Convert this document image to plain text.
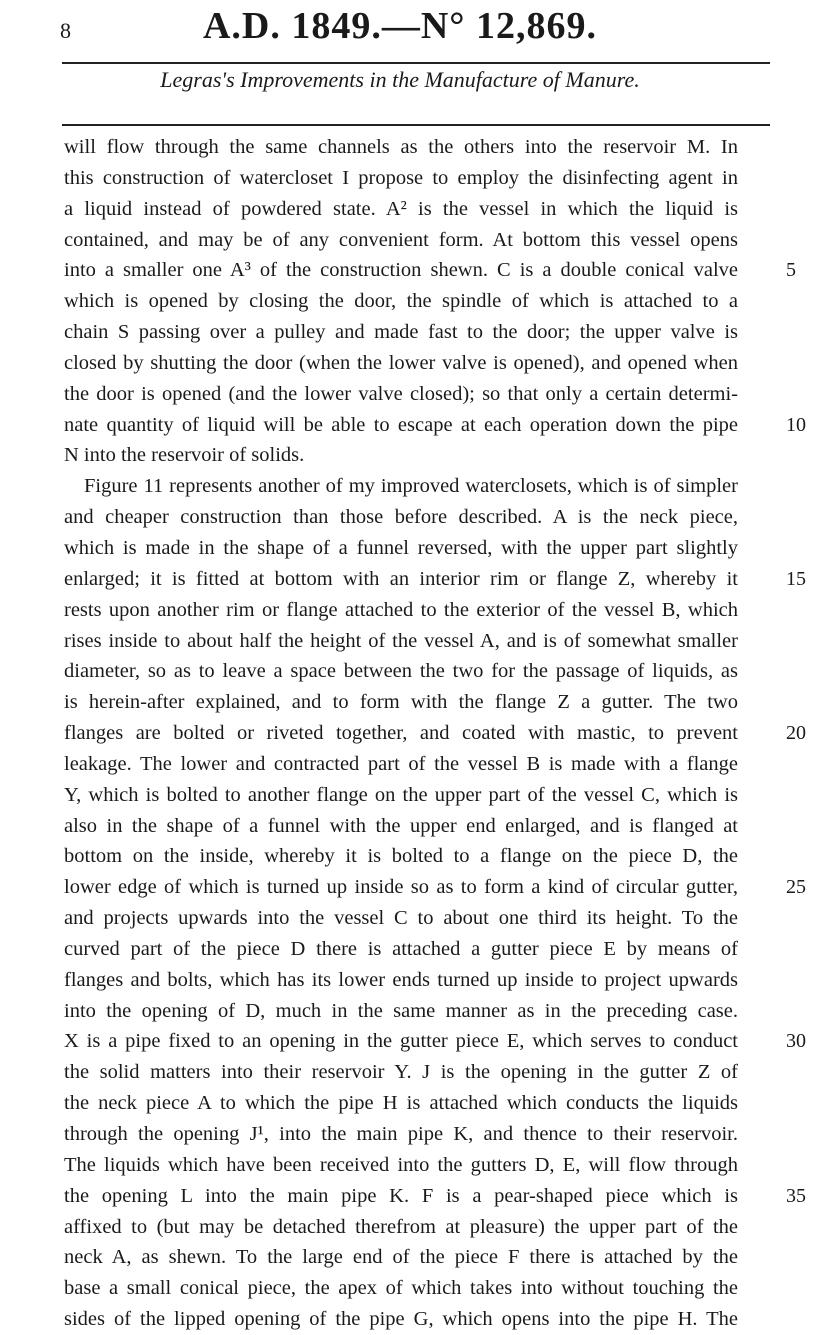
8	A.D. 1849.—N° 12,869.
Legras's Improvements in the Manufacture of Manure.
will flow through the same channels as the others into the reservoir M. In
this construction of watercloset I propose to employ the disinfecting agent in
a liquid instead of powdered state. A² is the vessel in which the liquid is
contained, and may be of any convenient form. At bottom this vessel opens
into a smaller one A³ of the construction shewn. C is a double conical valve 5
which is opened by closing the door, the spindle of which is attached to a
chain S passing over a pulley and made fast to the door; the upper valve is
closed by shutting the door (when the lower valve is opened), and opened when
the door is opened (and the lower valve closed); so that only a certain determi-
nate quantity of liquid will be able to escape at each operation down the pipe 10
N into the reservoir of solids.
Figure 11 represents another of my improved waterclosets, which is of simpler
and cheaper construction than those before described. A is the neck piece,
which is made in the shape of a funnel reversed, with the upper part slightly
enlarged; it is fitted at bottom with an interior rim or flange Z, whereby it 15
rests upon another rim or flange attached to the exterior of the vessel B, which
rises inside to about half the height of the vessel A, and is of somewhat smaller
diameter, so as to leave a space between the two for the passage of liquids, as
is herein-after explained, and to form with the flange Z a gutter. The two
flanges are bolted or riveted together, and coated with mastic, to prevent 20
leakage. The lower and contracted part of the vessel B is made with a flange
Y, which is bolted to another flange on the upper part of the vessel C, which is
also in the shape of a funnel with the upper end enlarged, and is flanged at
bottom on the inside, whereby it is bolted to a flange on the piece D, the
lower edge of which is turned up inside so as to form a kind of circular gutter, 25
and projects upwards into the vessel C to about one third its height. To the
curved part of the piece D there is attached a gutter piece E by means of
flanges and bolts, which has its lower ends turned up inside to project upwards
into the opening of D, much in the same manner as in the preceding case.
X is a pipe fixed to an opening in the gutter piece E, which serves to conduct 30
the solid matters into their reservoir Y. J is the opening in the gutter Z of
the neck piece A to which the pipe H is attached which conducts the liquids
through the opening J¹, into the main pipe K, and thence to their reservoir.
The liquids which have been received into the gutters D, E, will flow through
the opening L into the main pipe K. F is a pear-shaped piece which is 35
affixed to (but may be detached therefrom at pleasure) the upper part of the
neck A, as shewn. To the large end of the piece F there is attached by the
base a small conical piece, the apex of which takes into without touching the
sides of the lipped opening of the pipe G, which opens into the pipe H. The
